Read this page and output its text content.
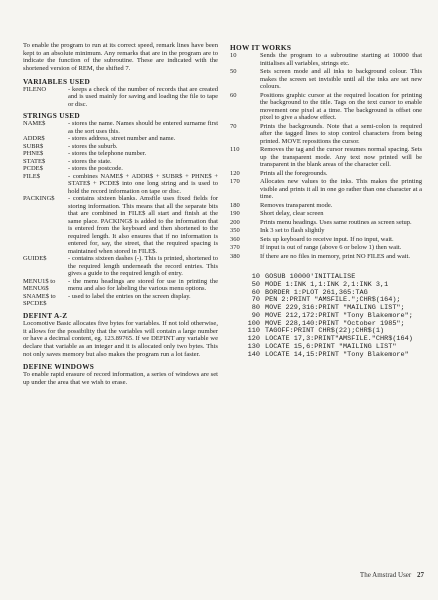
To enable the program to run at its correct speed, remark lines have been kept to an absolute minimum. Any remarks that are in the program are to indicate the function of the subroutine. These are indicated with the shortened version of REM, the shifted 7.

VARIABLES USED

FILENO	- keeps a check of the number of records that are created and is used mainly for saving and loading the file to tape or disc.

STRINGS USED

NAME$	- stores the name. Names should be entered surname first as the sort uses this.
ADDR$	- stores address, street number and name.
SUBR$	- stores the suburb.
PHNE$	- stores the telephone number.
STATE$	- stores the state.
PCDE$	- stores the postcode.
FILE$	- combines NAME$ + ADDR$ + SUBR$ + PHNE$ + STATE$ + PCDE$ into one long string and is used to hold the record information on tape or disc.
PACKING$	- contains sixteen blanks. Amsfile uses fixed fields for storing information. This means that all the separate bits that are combined in FILE$ all start and finish at the same place. PACKING$ is added to the information that is entered from the keyboard and then shortened to the required length. It also ensures that if no information is entered for, say, the street, that the required spacing is maintained when stored in FILE$.
GUIDE$	- contains sixteen dashes (-). This is printed, shortened to the required length underneath the record entries. This gives a guide to the required length of entry.
MENU1$ to MENU6$
- the menu headings are stored for use in printing the menu and also for labeling the various menu options.
SNAME$ to SPCDE$
- used to label the entries on the screen display.

DEFINT A-Z

Locomotive Basic allocates five bytes for variables. If not told otherwise, it allows for the possibility that the variables will contain a large number or have a decimal content, eg. 123.89765. If we DEFINT any variable we declare that variable as an integer and it is allocated only two bytes. This not only saves memory but also makes the program run a lot faster.

DEFINE WINDOWS

To enable rapid erasure of record information, a series of windows are set up under the area that we wish to erase.

HOW IT WORKS

10	Sends the program to a subroutine starting at 10000 that initialises all variables, strings etc.
50	Sets screen mode and all inks to background colour. This makes the screen set invisible until all the inks are set new colours.
60	Positions graphic cursor at the required location for printing the background to the title. Tags on the text cursor to enable movement one pixel at a time. The background is offset one pixel to give a shadow effect.
70	Prints the backgrounds. Note that a semi-colon is required after the tagged lines to stop control characters from being printed. MOVE repositions the cursor.
110	Removes the tag and the cursor resumes normal spacing. Sets up the transparent mode. Any text now printed will be transparent in the blank areas of the character cell.
120	Prints all the foregrounds.
170	Allocates new values to the inks. This makes the printing visible and prints it all in one go rather than one character at a time.
180	Removes transparent mode.
190	Short delay, clear screen
200	Prints menu headings. Uses same routines as screen setup.
350	Ink 3 set to flash slightly
360	Sets up keyboard to receive input. If no input, wait.
370	If input is out of range (above 6 or below 1) then wait.
380	If there are no files in memory, print NO FILES and wait.
10 GOSUB 10000'INITIALISE
50 MODE 1:INK 1,1:INK 2,1:INK 3,1
60 BORDER 1:PLOT 261,365:TAG
70 PEN 2:PRINT "AMSFILE.";CHR$(164);
80 MOVE 229,316:PRINT "MAILING LIST";
90 MOVE 212,172:PRINT "Tony Blakemore";
100 MOVE 228,140:PRINT "October 1985";
110 TAGOFF:PRINT CHR$(22);CHR$(1)
120 LOCATE 17,3:PRINT"AMSFILE."CHR$(164)
130 LOCATE 15,6:PRINT "MAILING LIST"
140 LOCATE 14,15:PRINT "Tony Blakemore"
The Amstrad User 27
